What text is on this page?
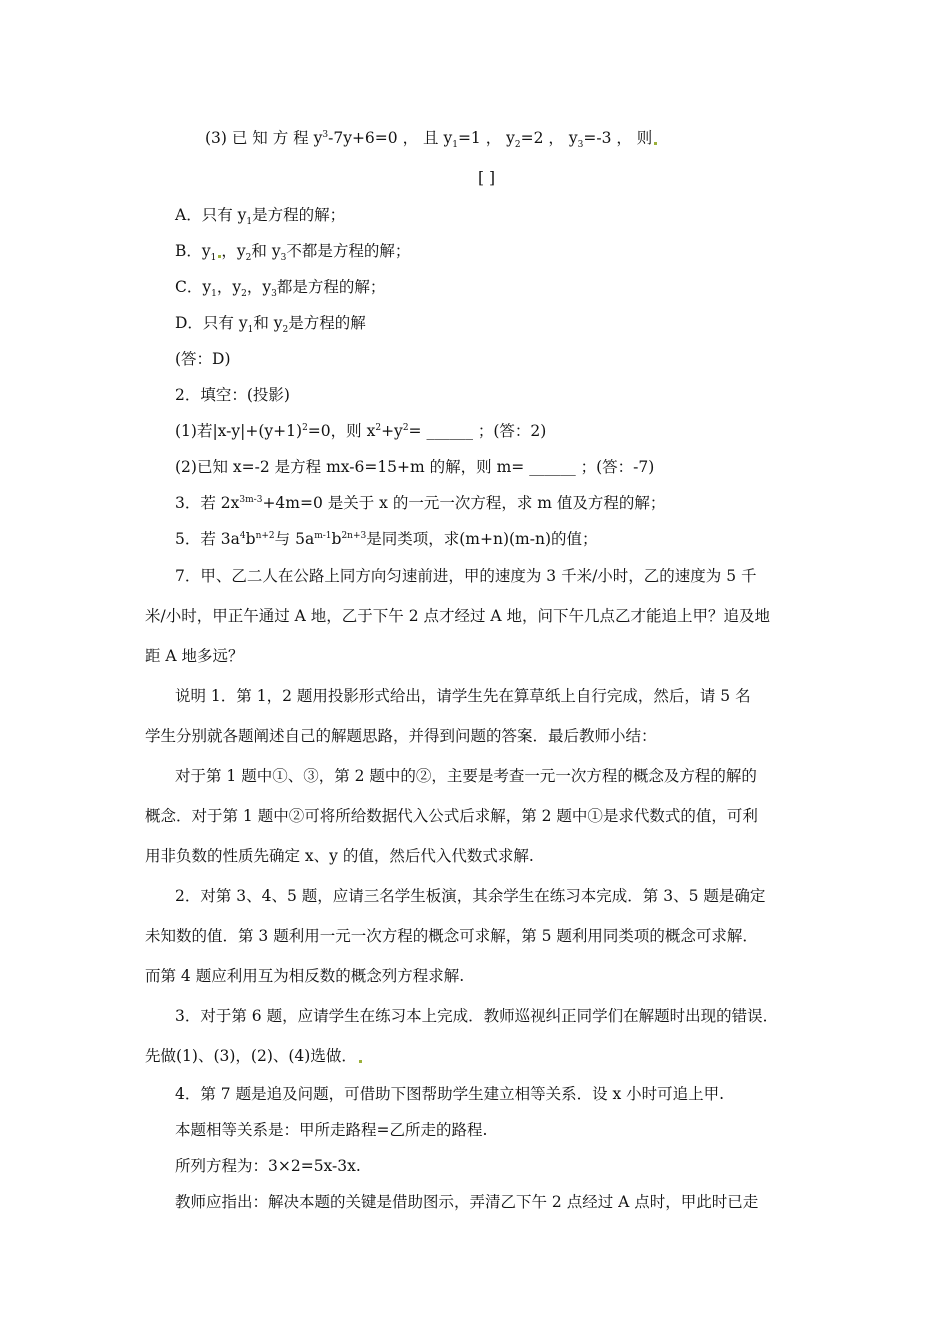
(3) 已 知 方 程 $y^3-7y+6=0$ ， 且 $y_1=1$ ， $y_2=2$ ， $y_3=-3$ ， 则
[ ]
A．只有 $y_1$是方程的解；
B．$y_1$ ，$y_2$和 $y_3$不都是方程的解；
C．$y_1$，$y_2$，$y_3$都是方程的解；
D．只有 $y_1$和 $y_2$是方程的解
(答：D)
2．填空：(投影)
(1)若$|x-y|+(y+1)^2=0$，则 $x^2+y^2=$ ______ ；(答：2)
(2)已知 x=-2 是方程 mx-6=15+m 的解，则 m= ______ ；(答：-7)
3．若 $2x^{3m-3}+4m=0$ 是关于 x 的一元一次方程，求 m 值及方程的解；
5．若 $3a^4b^{n+2}$与 $5a^{m-1}b^{2n+3}$是同类项，求(m+n)(m-n)的值；
7．甲、乙二人在公路上同方向匀速前进，甲的速度为 3 千米/小时，乙的速度为 5 千
米/小时，甲正午通过 A 地，乙于下午 2 点才经过 A 地，问下午几点乙才能追上甲？追及地
距 A 地多远？
说明 1．第 1，2 题用投影形式给出，请学生先在算草纸上自行完成，然后，请 5 名
学生分别就各题阐述自己的解题思路，并得到问题的答案．最后教师小结：
对于第 1 题中①、③，第 2 题中的②，主要是考查一元一次方程的概念及方程的解的
概念．对于第 1 题中②可将所给数据代入公式后求解，第 2 题中①是求代数式的值，可利
用非负数的性质先确定 x、y 的值，然后代入代数式求解.
2．对第 3、4、5 题，应请三名学生板演，其余学生在练习本完成．第 3、5 题是确定
未知数的值．第 3 题利用一元一次方程的概念可求解，第 5 题利用同类项的概念可求解．
而第 4 题应利用互为相反数的概念列方程求解.
3．对于第 6 题，应请学生在练习本上完成．教师巡视纠正同学们在解题时出现的错误．
先做(1)、(3)，(2)、(4)选做．
4．第 7 题是追及问题，可借助下图帮助学生建立相等关系．设 x 小时可追上甲.
本题相等关系是：甲所走路程=乙所走的路程.
所列方程为：3×2=5x-3x.
教师应指出：解决本题的关键是借助图示，弄清乙下午 2 点经过 A 点时，甲此时已走
